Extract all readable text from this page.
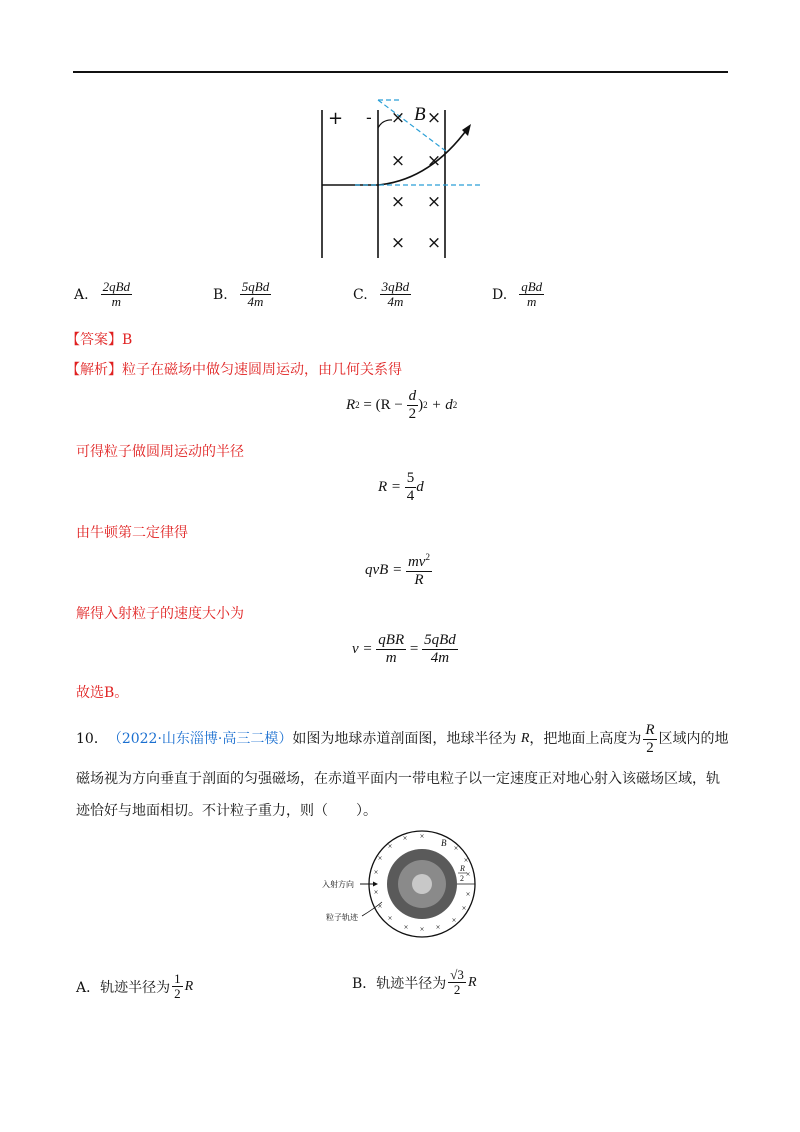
+ - B
× ×
× ×
× ×
× ×
A. $\frac{\text{2qBd}}{m}$	B. $\frac{\text{5qBd}}{4m}$	C. $\frac{\text{3qBd}}{4m}$	D. $\frac{\text{qBd}}{m}$
【答案】B
【解析】粒子在磁场中做匀速圆周运动，由几何关系得
R $2 = (R - \frac{d}{2}$ ) 2 + d 2
可得粒子做圆周运动的半径
$R = \frac{5}{4}$ d
由牛顿第二定律得
qvB = $\frac{mv^2}{R}$
解得入射粒子的速度大小为
$v = \frac{\text{qBR}}{m} = \frac{\text{5qBd}}{4m}$
故选B。
10． （2022·山东淄博·高三二模） 如图为地球赤道剖面图，地球半径为 R ，把地面上高度为 $\frac{R}{2}$ 区域内的地
磁场视为方向垂直于剖面的匀强磁场，在赤道平面内一带电粒子以一定速度正对地心射入该磁场区域，轨
迹恰好与地面相切。不计粒子重力，则（　　）。
× ×
×	×
×	×
×	×
×	×
×	×
×	×
× × ×
B
R
2
入射方向
粒子轨迹
A．轨迹半径为 $\frac{1}{2}$ R	B．轨迹半径为 $\frac{√3}{2}$ R
